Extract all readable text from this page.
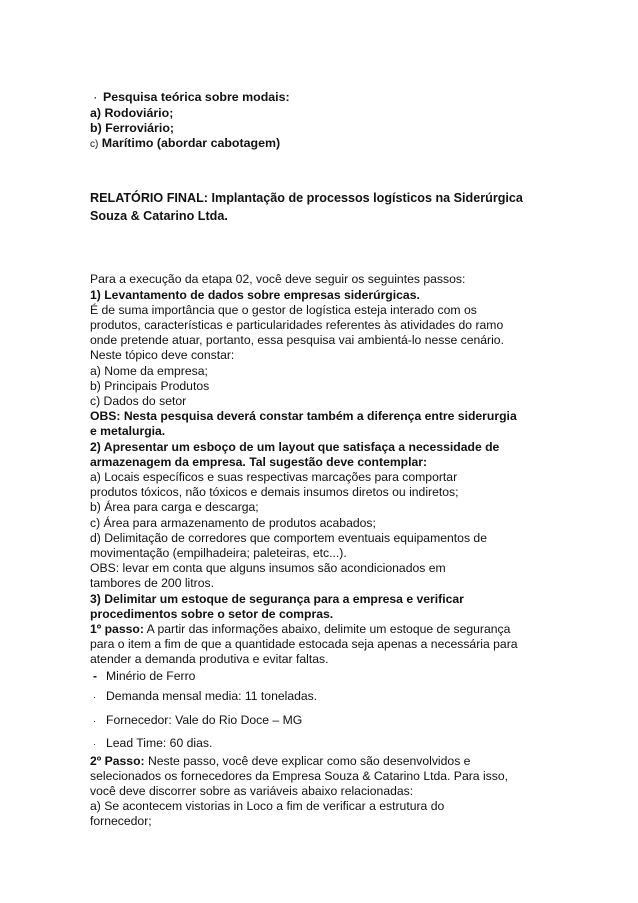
· Pesquisa teórica sobre modais:
a) Rodoviário;
b) Ferroviário;
c) Marítimo (abordar cabotagem)
RELATÓRIO FINAL: Implantação de processos logísticos na Siderúrgica Souza & Catarino Ltda.
Para a execução da etapa 02, você deve seguir os seguintes passos:
1) Levantamento de dados sobre empresas siderúrgicas.
É de suma importância que o gestor de logística esteja interado com os
produtos, características e particularidades referentes às atividades do ramo
onde pretende atuar, portanto, essa pesquisa vai ambientá-lo nesse cenário.
Neste tópico deve constar:
a) Nome da empresa;
b) Principais Produtos
c) Dados do setor
OBS: Nesta pesquisa deverá constar também a diferença entre siderurgia
e metalurgia.
2) Apresentar um esboço de um layout que satisfaça a necessidade de
armazenagem da empresa. Tal sugestão deve contemplar:
a) Locais específicos e suas respectivas marcações para comportar
produtos tóxicos, não tóxicos e demais insumos diretos ou indiretos;
b) Área para carga e descarga;
c) Área para armazenamento de produtos acabados;
d) Delimitação de corredores que comportem eventuais equipamentos de
movimentação (empilhadeira; paleteiras, etc...).
OBS: levar em conta que alguns insumos são acondicionados em
tambores de 200 litros.
3) Delimitar um estoque de segurança para a empresa e verificar
procedimentos sobre o setor de compras.
1º passo: A partir das informações abaixo, delimite um estoque de segurança
para o item a fim de que a quantidade estocada seja apenas a necessária para
atender a demanda produtiva e evitar faltas.
- Minério de Ferro
· Demanda mensal media: 11 toneladas.
· Fornecedor: Vale do Rio Doce – MG
· Lead Time: 60 dias.
2º Passo: Neste passo, você deve explicar como são desenvolvidos e
selecionados os fornecedores da Empresa Souza & Catarino Ltda. Para isso,
você deve discorrer sobre as variáveis abaixo relacionadas:
a) Se acontecem vistorias in Loco a fim de verificar a estrutura do
fornecedor;
